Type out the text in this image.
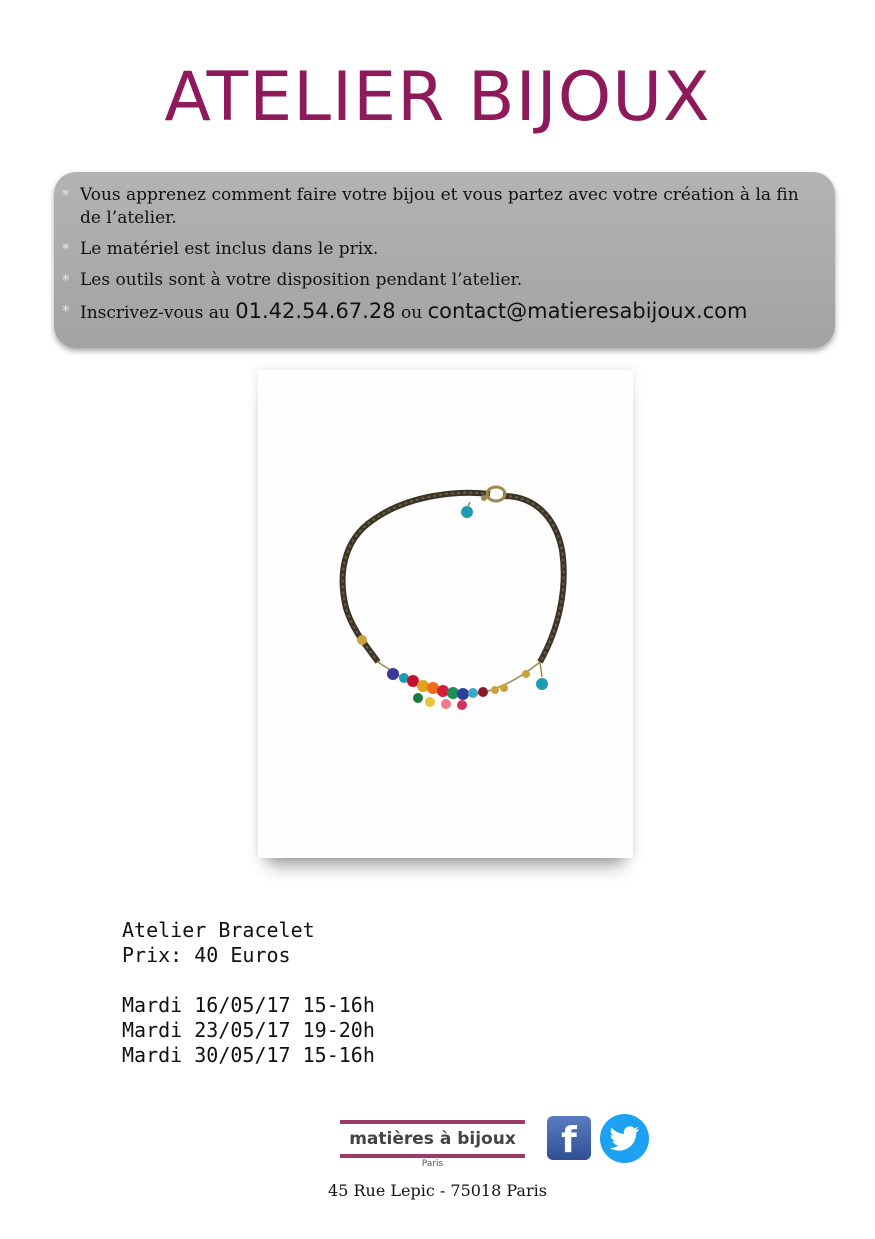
ATELIER BIJOUX
* Vous apprenez comment faire votre bijou et vous partez avec votre création à la fin de l’atelier.
* Le matériel est inclus dans le prix.
* Les outils sont à votre disposition pendant l’atelier.
* Inscrivez-vous au 01.42.54.67.28 ou contact@matieresabijoux.com
Atelier Bracelet
Prix: 40 Euros
Mardi 16/05/17 15-16h
Mardi 23/05/17 19-20h
Mardi 30/05/17 15-16h
matières à bijoux
Paris
f
45 Rue Lepic - 75018 Paris
